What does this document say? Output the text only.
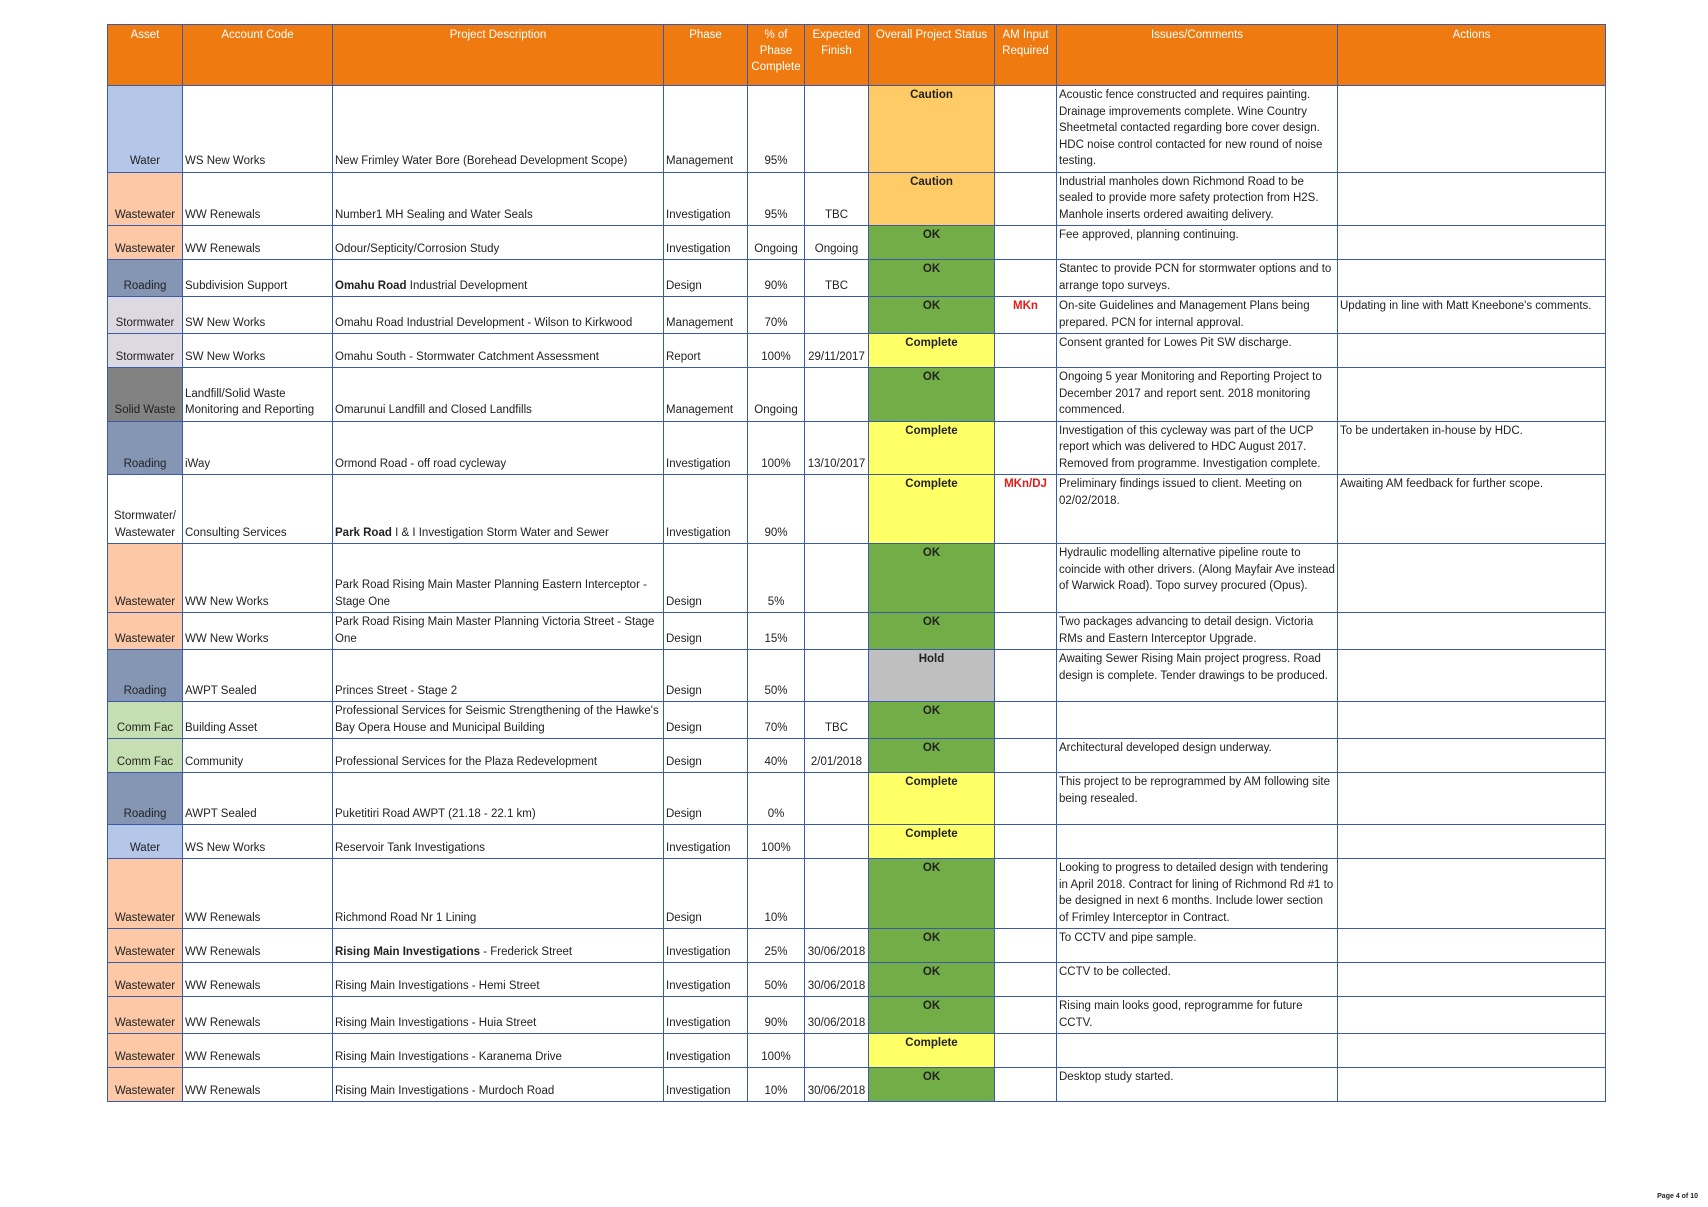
Asset	Account Code	Project Description	Phase	% of Phase Complete	Expected Finish	Overall Project Status	AM Input Required	Issues/Comments	Actions
Water	WS New Works	New Frimley Water Bore (Borehead Development Scope)	Management	95%		Caution		Acoustic fence constructed and requires painting. Drainage improvements complete. Wine Country Sheetmetal contacted regarding bore cover design. HDC noise control contacted for new round of noise testing.	
Wastewater	WW Renewals	Number1 MH Sealing and Water Seals	Investigation	95%	TBC	Caution		Industrial manholes down Richmond Road to be sealed to provide more safety protection from H2S. Manhole inserts ordered awaiting delivery.	
Wastewater	WW Renewals	Odour/Septicity/Corrosion Study	Investigation	Ongoing	Ongoing	OK		Fee approved, planning continuing.	
Roading	Subdivision Support	Omahu Road Industrial Development	Design	90%	TBC	OK		Stantec to provide PCN for stormwater options and to arrange topo surveys.	
Stormwater	SW New Works	Omahu Road Industrial Development - Wilson to Kirkwood	Management	70%		OK	MKn	On-site Guidelines and Management Plans being prepared. PCN for internal approval.	Updating in line with Matt Kneebone's comments.
Stormwater	SW New Works	Omahu South - Stormwater Catchment Assessment	Report	100%	29/11/2017	Complete		Consent granted for Lowes Pit SW discharge.	
Solid Waste	Landfill/Solid Waste Monitoring and Reporting	Omarunui Landfill and Closed Landfills	Management	Ongoing		OK		Ongoing 5 year Monitoring and Reporting Project to December 2017 and report sent. 2018 monitoring commenced.	
Roading	iWay	Ormond Road - off road cycleway	Investigation	100%	13/10/2017	Complete		Investigation of this cycleway was part of the UCP report which was delivered to HDC August 2017. Removed from programme. Investigation complete.	To be undertaken in-house by HDC.
Stormwater/ Wastewater	Consulting Services	Park Road I & I Investigation Storm Water and Sewer	Investigation	90%		Complete	MKn/DJ	Preliminary findings issued to client. Meeting on 02/02/2018.	Awaiting AM feedback for further scope.
Wastewater	WW New Works	Park Road Rising Main Master Planning Eastern Interceptor - Stage One	Design	5%		OK		Hydraulic modelling alternative pipeline route to coincide with other drivers. (Along Mayfair Ave instead of Warwick Road). Topo survey procured (Opus).	
Wastewater	WW New Works	Park Road Rising Main Master Planning Victoria Street - Stage One	Design	15%		OK		Two packages advancing to detail design. Victoria RMs and Eastern Interceptor Upgrade.	
Roading	AWPT Sealed	Princes Street - Stage 2	Design	50%		Hold		Awaiting Sewer Rising Main project progress. Road design is complete. Tender drawings to be produced.	
Comm Fac	Building Asset	Professional Services for Seismic Strengthening of the Hawke's Bay Opera House and Municipal Building	Design	70%	TBC	OK			
Comm Fac	Community	Professional Services for the Plaza Redevelopment	Design	40%	2/01/2018	OK		Architectural developed design underway.	
Roading	AWPT Sealed	Puketitiri Road AWPT (21.18 - 22.1 km)	Design	0%		Complete		This project to be reprogrammed by AM following site being resealed.	
Water	WS New Works	Reservoir Tank Investigations	Investigation	100%		Complete			
Wastewater	WW Renewals	Richmond Road Nr 1 Lining	Design	10%		OK		Looking to progress to detailed design with tendering in April 2018. Contract for lining of Richmond Rd #1 to be designed in next 6 months. Include lower section of Frimley Interceptor in Contract.	
Wastewater	WW Renewals	Rising Main Investigations - Frederick Street	Investigation	25%	30/06/2018	OK		To CCTV and pipe sample.	
Wastewater	WW Renewals	Rising Main Investigations - Hemi Street	Investigation	50%	30/06/2018	OK		CCTV to be collected.	
Wastewater	WW Renewals	Rising Main Investigations - Huia Street	Investigation	90%	30/06/2018	OK		Rising main looks good, reprogramme for future CCTV.	
Wastewater	WW Renewals	Rising Main Investigations - Karanema Drive	Investigation	100%		Complete			
Wastewater	WW Renewals	Rising Main Investigations - Murdoch Road	Investigation	10%	30/06/2018	OK		Desktop study started.	
Page 4 of 10
